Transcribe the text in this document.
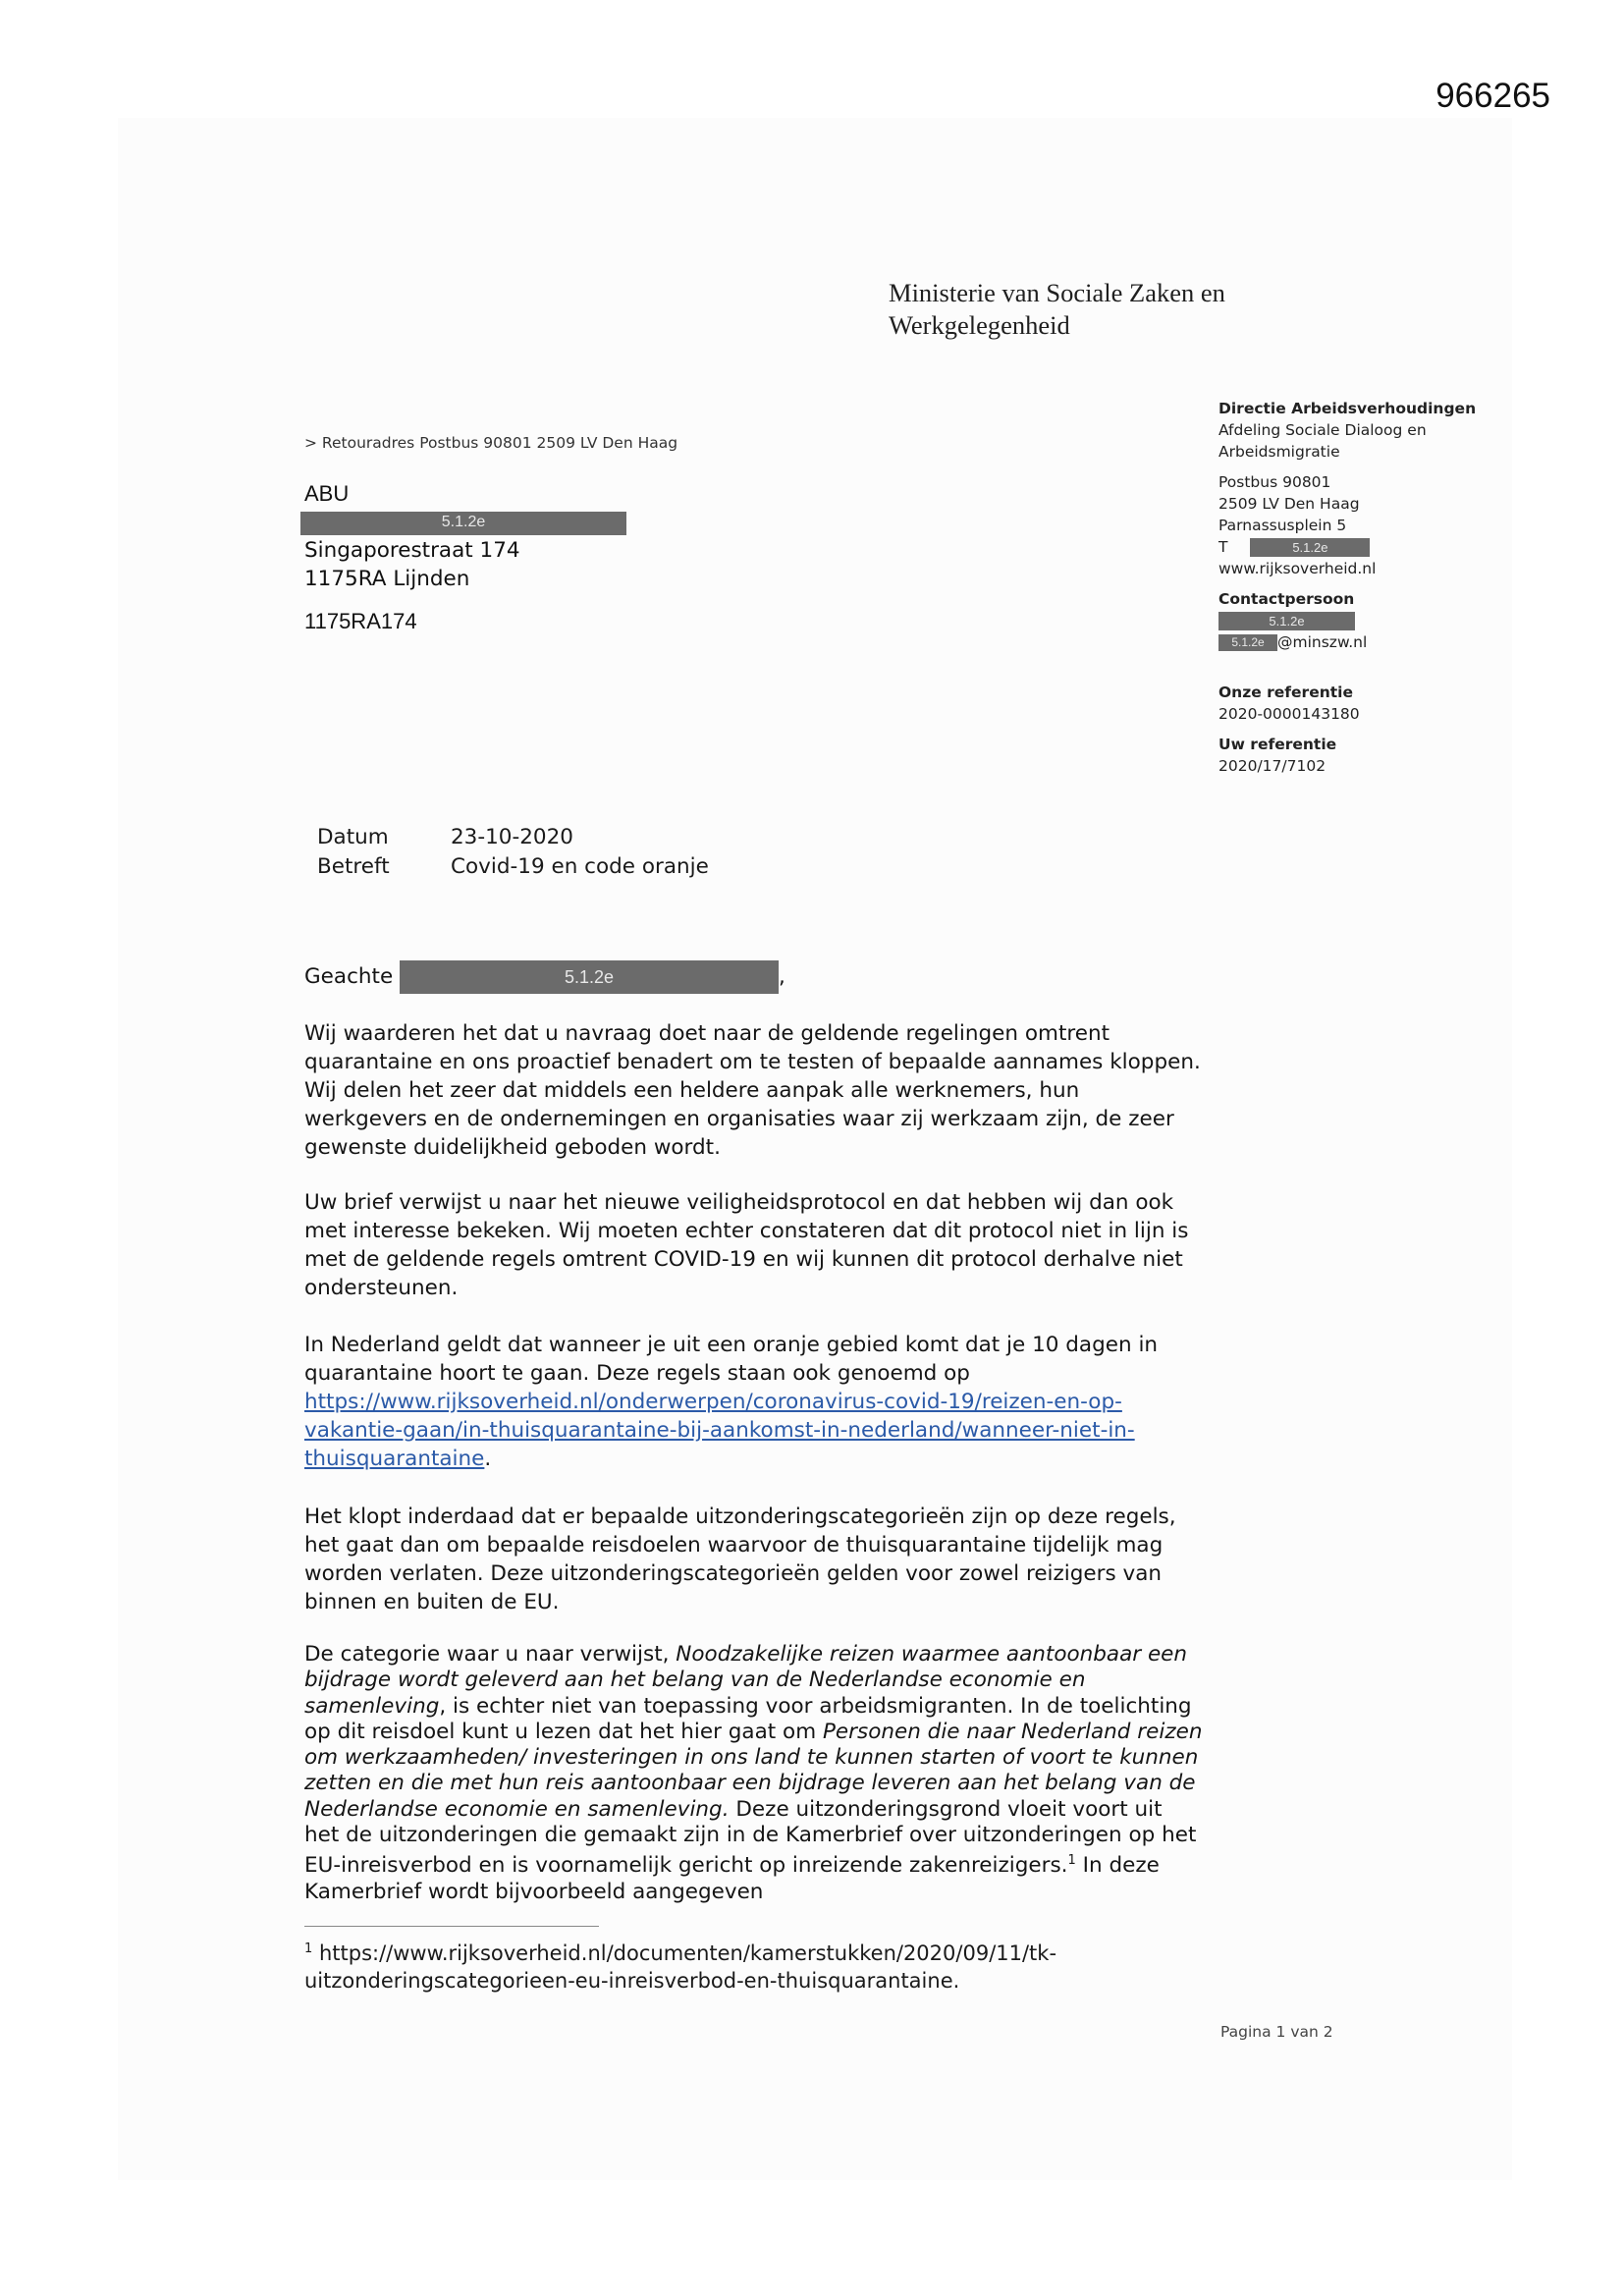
966265
Ministerie van Sociale Zaken en
Werkgelegenheid
> Retouradres Postbus 90801 2509 LV Den Haag
ABU
5.1.2e
Singaporestraat 174
1175RA Lijnden
1175RA174
Directie Arbeidsverhoudingen
Afdeling Sociale Dialoog en
Arbeidsmigratie
Postbus 90801
2509 LV Den Haag
Parnassusplein 5
T	5.1.2e
www.rijksoverheid.nl
Contactpersoon
5.1.2e
5.1.2e @minszw.nl
Onze referentie
2020-0000143180
Uw referentie
2020/17/7102
Datum	23-10-2020
Betreft	Covid-19 en code oranje
Geachte	5.1.2e	,

Wij waarderen het dat u navraag doet naar de geldende regelingen omtrent quarantaine en ons proactief benadert om te testen of bepaalde aannames kloppen. Wij delen het zeer dat middels een heldere aanpak alle werknemers, hun werkgevers en de ondernemingen en organisaties waar zij werkzaam zijn, de zeer gewenste duidelijkheid geboden wordt.

Uw brief verwijst u naar het nieuwe veiligheidsprotocol en dat hebben wij dan ook met interesse bekeken. Wij moeten echter constateren dat dit protocol niet in lijn is met de geldende regels omtrent COVID-19 en wij kunnen dit protocol derhalve niet ondersteunen.

In Nederland geldt dat wanneer je uit een oranje gebied komt dat je 10 dagen in quarantaine hoort te gaan. Deze regels staan ook genoemd op https://www.rijksoverheid.nl/onderwerpen/coronavirus-covid-19/reizen-en-op-vakantie-gaan/in-thuisquarantaine-bij-aankomst-in-nederland/wanneer-niet-in-thuisquarantaine.

Het klopt inderdaad dat er bepaalde uitzonderingscategorieën zijn op deze regels, het gaat dan om bepaalde reisdoelen waarvoor de thuisquarantaine tijdelijk mag worden verlaten. Deze uitzonderingscategorieën gelden voor zowel reizigers van binnen en buiten de EU.

De categorie waar u naar verwijst, Noodzakelijke reizen waarmee aantoonbaar een bijdrage wordt geleverd aan het belang van de Nederlandse economie en samenleving, is echter niet van toepassing voor arbeidsmigranten. In de toelichting op dit reisdoel kunt u lezen dat het hier gaat om Personen die naar Nederland reizen om werkzaamheden/ investeringen in ons land te kunnen starten of voort te kunnen zetten en die met hun reis aantoonbaar een bijdrage leveren aan het belang van de Nederlandse economie en samenleving. Deze uitzonderingsgrond vloeit voort uit het de uitzonderingen die gemaakt zijn in de Kamerbrief over uitzonderingen op het EU-inreisverbod en is voornamelijk gericht op inreizende zakenreizigers.$^1$ In deze Kamerbrief wordt bijvoorbeeld aangegeven

$^1$ https://www.rijksoverheid.nl/documenten/kamerstukken/2020/09/11/tk-uitzonderingscategorieen-eu-inreisverbod-en-thuisquarantaine.
Pagina 1 van 2
